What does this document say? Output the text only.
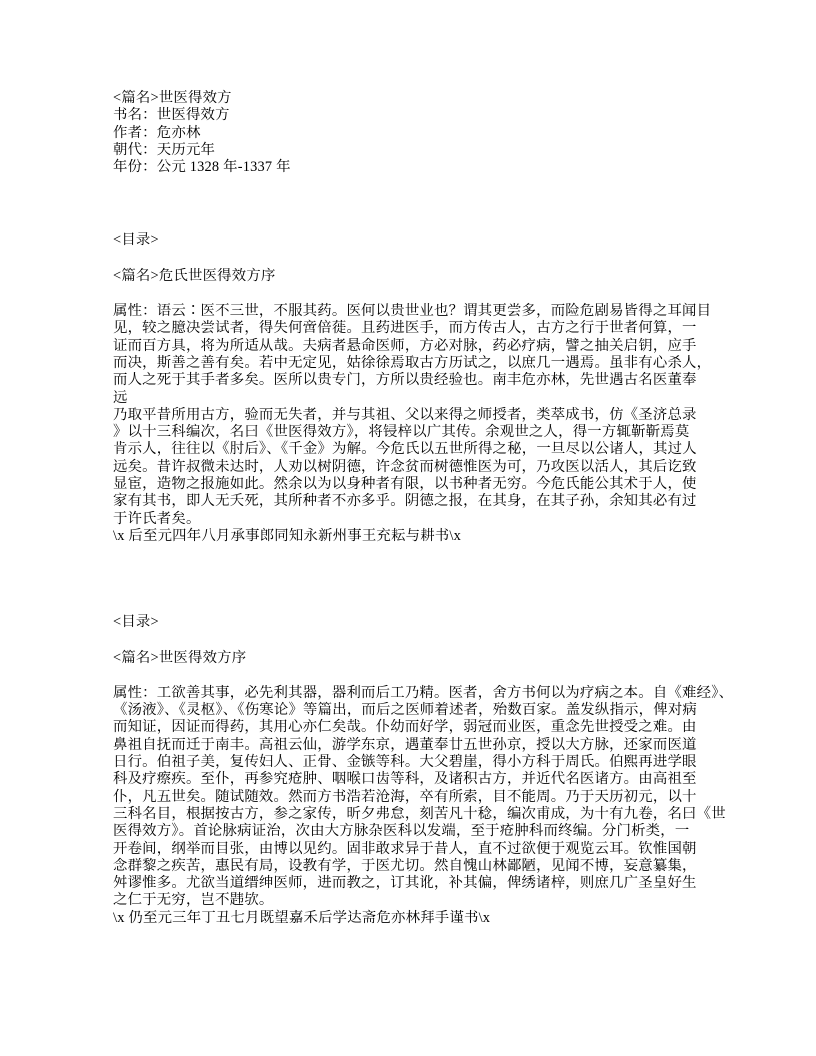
<篇名>世医得效方
书名：世医得效方
作者：危亦林
朝代：天历元年
年份：公元 1328 年-1337 年
<目录>
<篇名>危氏世医得效方序
属性：语云∶医不三世，不服其药。医何以贵世业也？谓其更尝多，而险危剧易皆得之耳闻目
见，较之臆决尝试者，得失何啻倍蓰。且药进医手，而方传古人，古方之行于世者何算，一
证而百方具，将为所适从哉。夫病者悬命医师，方必对脉，药必疗病，譬之抽关启钥，应手
而决，斯善之善有矣。若中无定见，姑徐徐焉取古方历试之，以庶几一遇焉。虽非有心杀人，
而人之死于其手者多矣。医所以贵专门，方所以贵经验也。南丰危亦林，先世遇古名医董奉
远
乃取平昔所用古方，验而无失者，并与其祖、父以来得之师授者，类萃成书，仿《圣济总录
》以十三科编次，名曰《世医得效方》，将锓梓以广其传。余观世之人，得一方辄靳靳焉莫
肯示人，往往以《肘后》、《千金》为解。今危氏以五世所得之秘，一旦尽以公诸人，其过人
远矣。昔许叔微未达时，人劝以树阴德，许念贫而树德惟医为可，乃攻医以活人，其后讫致
显宦，造物之报施如此。然余以为以身种者有限，以书种者无穷。今危氏能公其术于人，使
家有其书，即人无夭死，其所种者不亦多乎。阴德之报，在其身，在其子孙，余知其必有过
于许氏者矣。
\x 后至元四年八月承事郎同知永新州事王充耘与耕书\x
<目录>
<篇名>世医得效方序
属性：工欲善其事，必先利其器，器利而后工乃精。医者，舍方书何以为疗病之本。自《难经》、
《汤液》、《灵枢》、《伤寒论》等篇出，而后之医师着述者，殆数百家。盖发纵指示，俾对病
而知证，因证而得药，其用心亦仁矣哉。仆幼而好学，弱冠而业医，重念先世授受之难。由
鼻祖自抚而迁于南丰。高祖云仙，游学东京，遇董奉廿五世孙京，授以大方脉，还家而医道
日行。伯祖子美，复传妇人、正骨、金镞等科。大父碧崖，得小方科于周氏。伯熙再进学眼
科及疗瘵疾。至仆，再参究疮肿、咽喉口齿等科，及诸积古方，并近代名医诸方。由高祖至
仆，凡五世矣。随试随效。然而方书浩若沧海，卒有所索，目不能周。乃于天历初元，以十
三科名目，根据按古方，参之家传，昕夕弗怠，刻苦凡十稔，编次甫成，为十有九卷，名曰《世
医得效方》。首论脉病证治，次由大方脉杂医科以发端，至于疮肿科而终编。分门析类，一
开卷间，纲举而目张，由博以见约。固非敢求异于昔人，直不过欲便于观览云耳。钦惟国朝
念群黎之疾苦，惠民有局，设教有学，于医尤切。然自愧山林鄙陋，见闻不博，妄意纂集，
舛谬惟多。尤欲当道缙绅医师，进而教之，订其讹，补其偏，俾绣诸梓，则庶几广圣皇好生
之仁于无穷，岂不韪欤。
\x 仍至元三年丁丑七月既望嘉禾后学达斋危亦林拜手谨书\x
